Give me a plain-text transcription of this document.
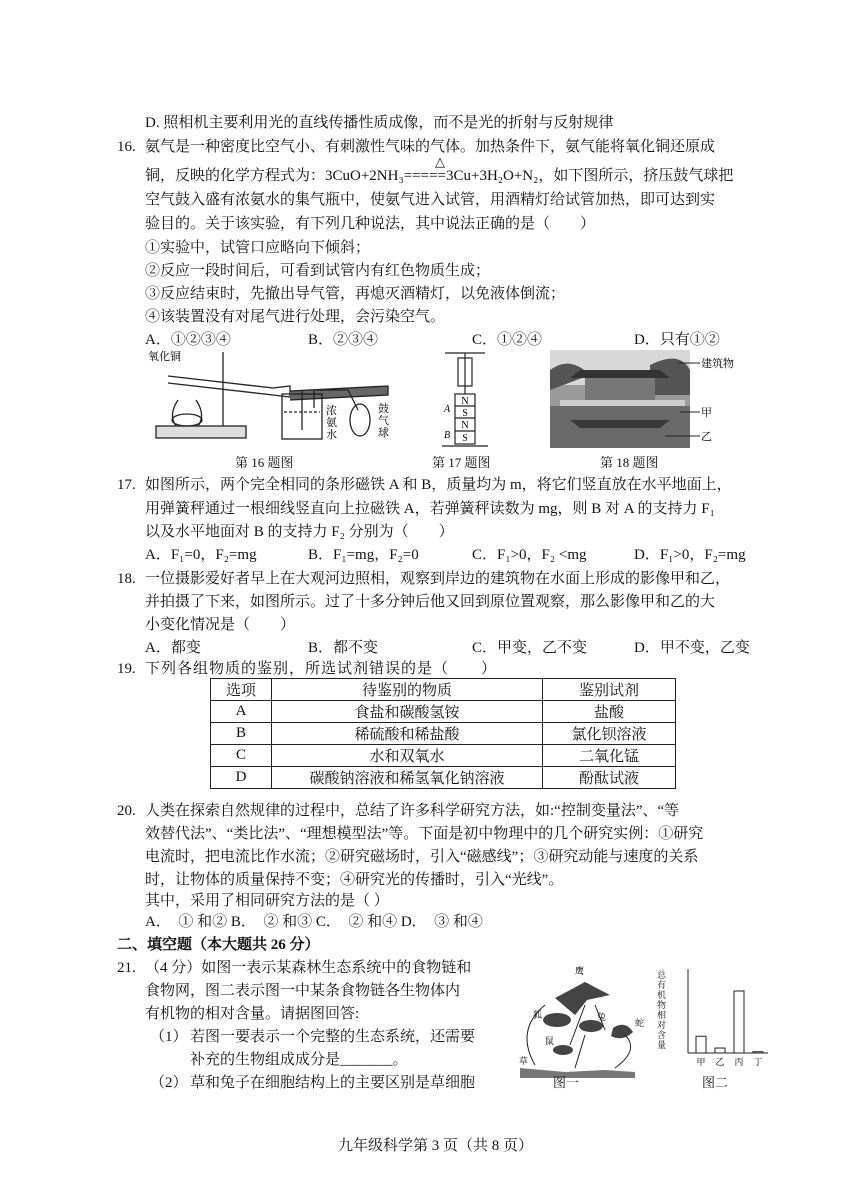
D. 照相机主要利用光的直线传播性质成像，而不是光的折射与反射规律
16. 氨气是一种密度比空气小、有刺激性气味的气体。加热条件下，氨气能将氧化铜还原成
△
铜，反映的化学方程式为：3CuO+2NH₃=====3Cu+3H₂O+N₂，如下图所示，挤压鼓气球把
空气鼓入盛有浓氨水的集气瓶中，使氨气进入试管，用酒精灯给试管加热，即可达到实
验目的。关于该实验，有下列几种说法，其中说法正确的是（　　）
①实验中，试管口应略向下倾斜；
②反应一段时间后，可看到试管内有红色物质生成；
③反应结束时，先撤出导气管，再熄灭酒精灯，以免液体倒流；
④该装置没有对尾气进行处理，会污染空气。
A．①②③④	B．②③④	C．①②④	D．只有①②
氧化铜
浓
氨
水
鼓
气
球
第 16 题图
N
S
N
S
A
B
第 17 题图
建筑物
甲
乙
第 18 题图
17. 如图所示，两个完全相同的条形磁铁 A 和 B，质量均为 m，将它们竖直放在水平地面上，
用弹簧秤通过一根细线竖直向上拉磁铁 A，若弹簧秤读数为 mg，则 B 对 A 的支持力 F₁
以及水平地面对 B 的支持力 F₂ 分别为（　　）
A．F₁=0，F₂=mg	B．F₁=mg，F₂=0	C．F₁>0，F₂ <mg	D．F₁>0，F₂=mg
18. 一位摄影爱好者早上在大观河边照相，观察到岸边的建筑物在水面上形成的影像甲和乙，
并拍摄了下来，如图所示。过了十多分钟后他又回到原位置观察，那么影像甲和乙的大
小变化情况是（　　）
A．都变	B．都不变	C．甲变，乙不变	D．甲不变，乙变
19. 下列各组物质的鉴别，所选试剂错误的是（　　）
选项	待鉴别的物质	鉴别试剂
A	食盐和碳酸氢铵	盐酸
B	稀硫酸和稀盐酸	氯化钡溶液
C	水和双氧水	二氧化锰
D	碳酸钠溶液和稀氢氧化钠溶液	酚酞试液
20. 人类在探索自然规律的过程中，总结了许多科学研究方法，如:“控制变量法”、“等
效替代法”、“类比法”、“理想模型法”等。下面是初中物理中的几个研究实例：①研究
电流时，把电流比作水流；②研究磁场时，引入“磁感线”；③研究动能与速度的关系
时，让物体的质量保持不变；④研究光的传播时，引入“光线”。
其中，采用了相同研究方法的是（ ）
A．　① 和② B．　② 和③ C．　② 和④ D．　③ 和④
二、填空题（本大题共 26 分）
21. （4 分）如图一表示某森林生态系统中的食物链和
食物网，图二表示图一中某条食物链各生物体内
有机物的相对含量。请据图回答:
（1） 若图一要表示一个完整的生态系统，还需要
补充的生物组成成分是_______。
（2） 草和兔子在细胞结构上的主要区别是草细胞
鹰
狐	兔
鼠
蛇
草
图一
甲 乙 丙 丁
总有机物相对含量
图二
九年级科学第 3 页（共 8 页）
